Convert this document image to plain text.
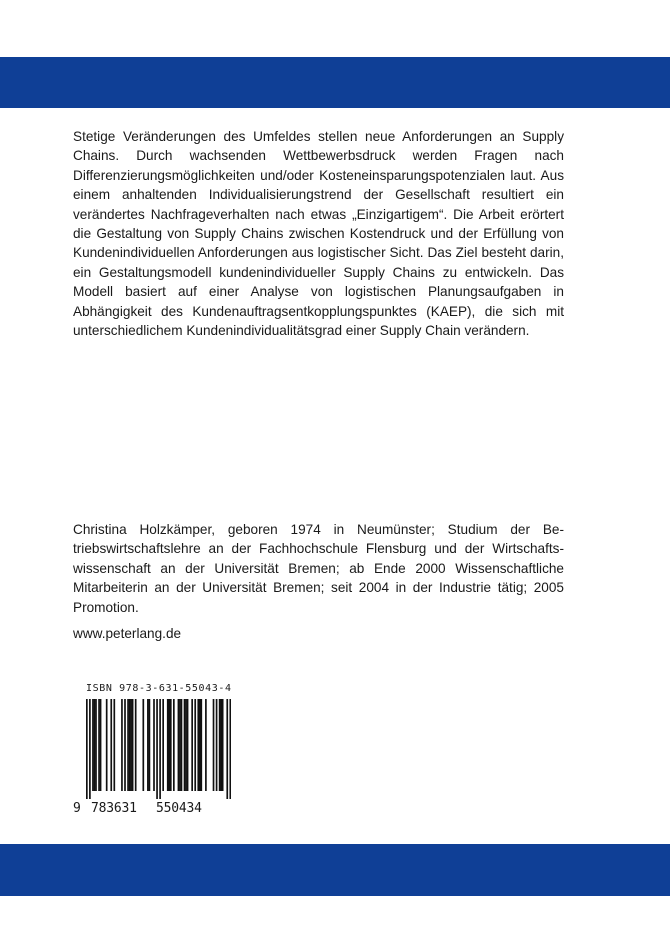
Stetige Veränderungen des Umfeldes stellen neue Anforderungen an Supply Chains. Durch wachsenden Wettbewerbsdruck werden Fragen nach Differenzierungsmöglichkeiten und/oder Kosteneinsparungspotenzialen laut. Aus einem anhaltenden Individualisierungstrend der Gesellschaft resultiert ein verändertes Nachfrageverhalten nach etwas „Einzigartigem“. Die Arbeit erörtert die Gestaltung von Supply Chains zwischen Kostendruck und der Erfüllung von Kundenindividuellen Anforderungen aus logistischer Sicht. Das Ziel besteht darin, ein Gestaltungsmodell kundenindividueller Supply Chains zu entwickeln. Das Modell basiert auf einer Analyse von logistischen Planungsaufgaben in Abhängigkeit des Kundenauftragsentkopplungspunktes (KAEP), die sich mit unterschiedlichem Kundenindividualitätsgrad einer Supply Chain verändern.

Christina Holzkämper, geboren 1974 in Neumünster; Studium der Betriebswirtschaftslehre an der Fachhochschule Flensburg und der Wirtschaftswissenschaft an der Universität Bremen; ab Ende 2000 Wissenschaftliche Mitarbeiterin an der Universität Bremen; seit 2004 in der Industrie tätig; 2005 Promotion.

www.peterlang.de

ISBN 978-3-631-55043-4
9 783631 550434
